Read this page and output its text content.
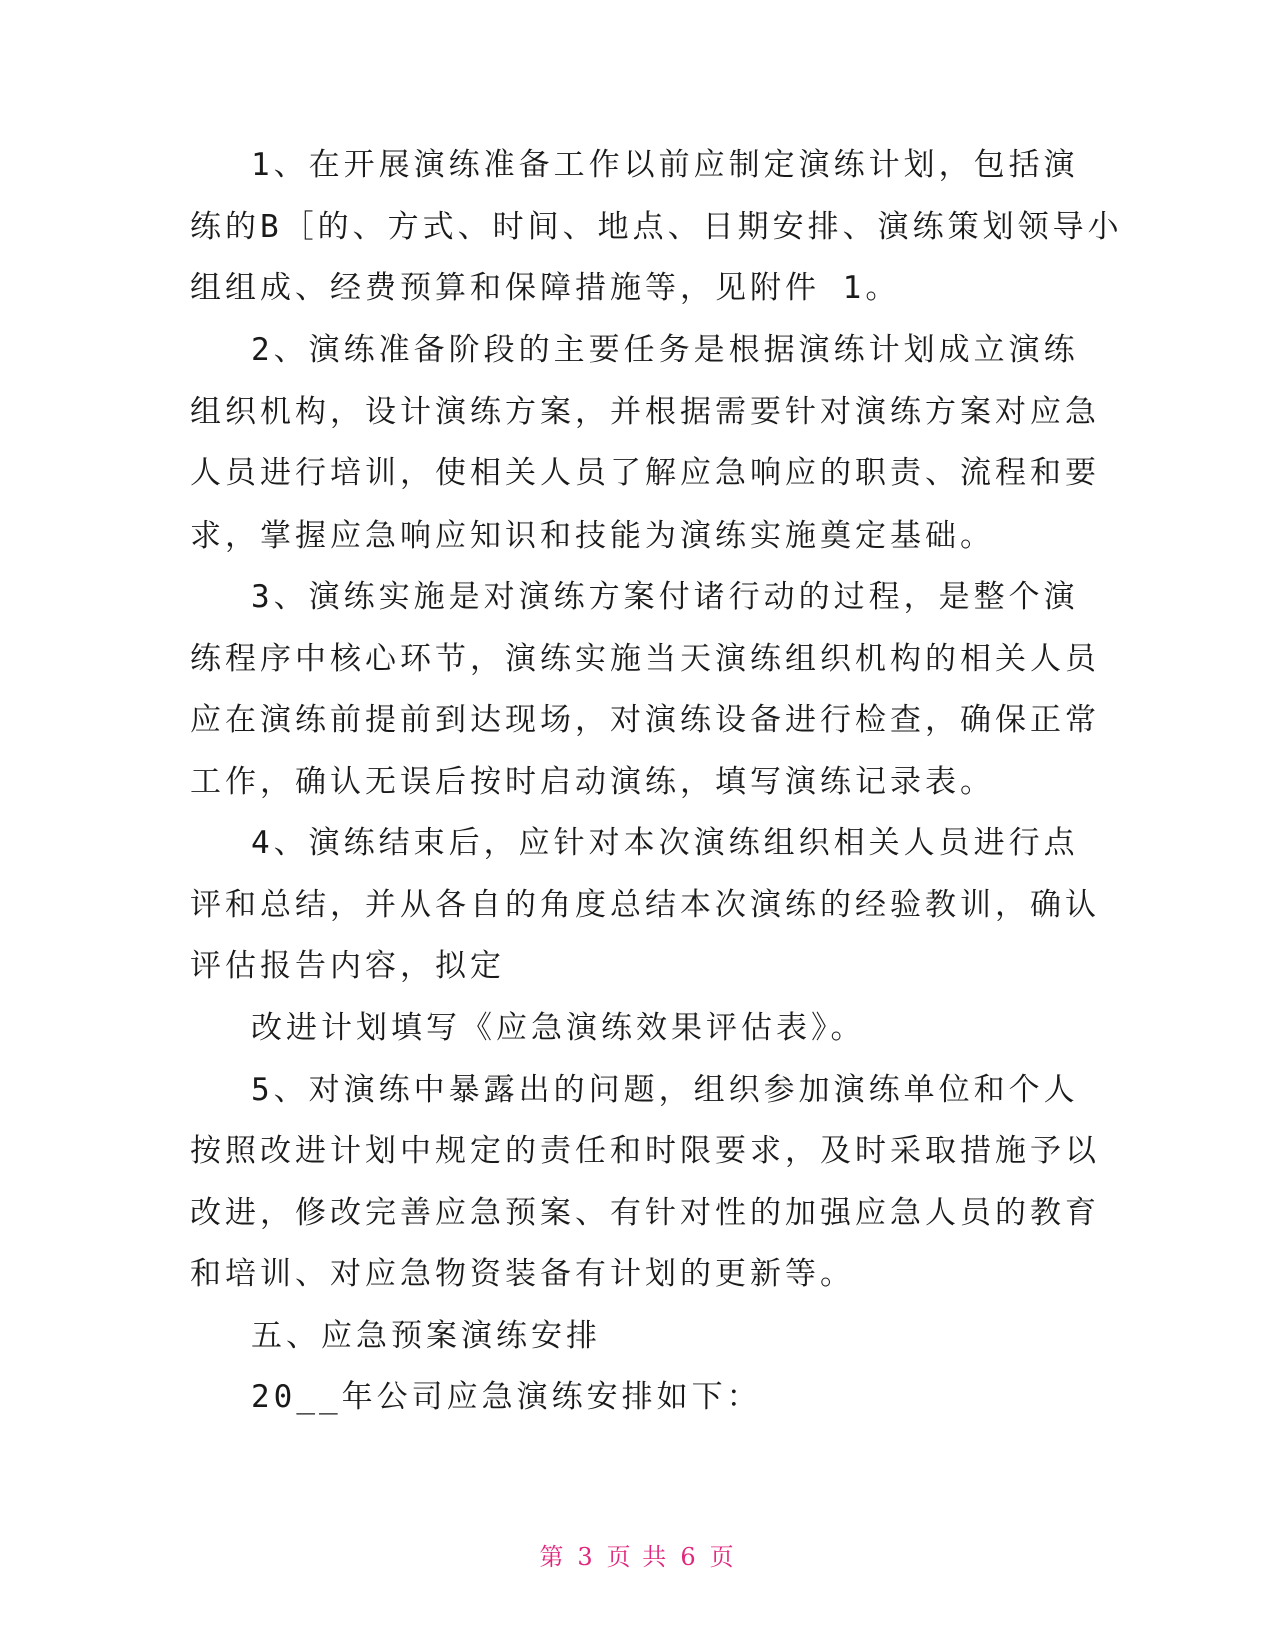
1、在开展演练准备工作以前应制定演练计划，包括演
练的B［的、方式、时间、地点、日期安排、演练策划领导小
组组成、经费预算和保障措施等，见附件 1。
2、演练准备阶段的主要任务是根据演练计划成立演练
组织机构，设计演练方案，并根据需要针对演练方案对应急
人员进行培训，使相关人员了解应急响应的职责、流程和要
求，掌握应急响应知识和技能为演练实施奠定基础。
3、演练实施是对演练方案付诸行动的过程，是整个演
练程序中核心环节，演练实施当天演练组织机构的相关人员
应在演练前提前到达现场，对演练设备进行检查，确保正常
工作，确认无误后按时启动演练，填写演练记录表。
4、演练结束后，应针对本次演练组织相关人员进行点
评和总结，并从各自的角度总结本次演练的经验教训，确认
评估报告内容，拟定
改进计划填写《应急演练效果评估表》。
5、对演练中暴露出的问题，组织参加演练单位和个人
按照改进计划中规定的责任和时限要求，及时采取措施予以
改进，修改完善应急预案、有针对性的加强应急人员的教育
和培训、对应急物资装备有计划的更新等。
五、应急预案演练安排
20__年公司应急演练安排如下：
第 3 页 共 6 页
